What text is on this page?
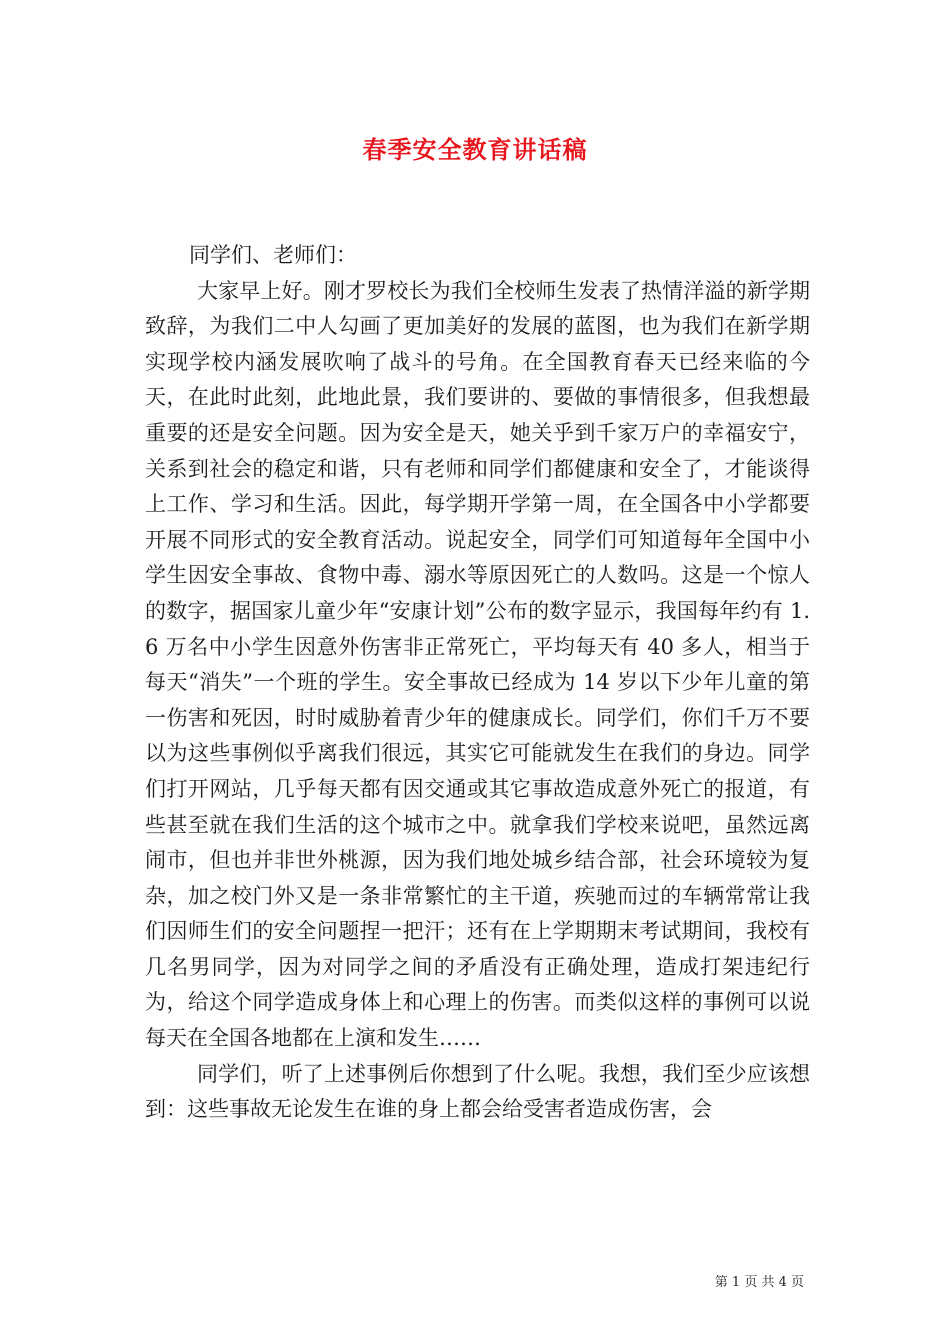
春季安全教育讲话稿

同学们、老师们：

大家早上好。刚才罗校长为我们全校师生发表了热情洋溢的新学期致辞，为我们二中人勾画了更加美好的发展的蓝图，也为我们在新学期实现学校内涵发展吹响了战斗的号角。在全国教育春天已经来临的今天，在此时此刻，此地此景，我们要讲的、要做的事情很多，但我想最重要的还是安全问题。因为安全是天，她关乎到千家万户的幸福安宁，关系到社会的稳定和谐，只有老师和同学们都健康和安全了，才能谈得上工作、学习和生活。因此，每学期开学第一周，在全国各中小学都要开展不同形式的安全教育活动。说起安全，同学们可知道每年全国中小学生因安全事故、食物中毒、溺水等原因死亡的人数吗。这是一个惊人的数字，据国家儿童少年“安康计划”公布的数字显示，我国每年约有 1.6 万名中小学生因意外伤害非正常死亡，平均每天有 40 多人，相当于每天“消失”一个班的学生。安全事故已经成为 14 岁以下少年儿童的第一伤害和死因，时时威胁着青少年的健康成长。同学们，你们千万不要以为这些事例似乎离我们很远，其实它可能就发生在我们的身边。同学们打开网站，几乎每天都有因交通或其它事故造成意外死亡的报道，有些甚至就在我们生活的这个城市之中。就拿我们学校来说吧，虽然远离闹市，但也并非世外桃源，因为我们地处城乡结合部，社会环境较为复杂，加之校门外又是一条非常繁忙的主干道，疾驰而过的车辆常常让我们因师生们的安全问题捏一把汗；还有在上学期期末考试期间，我校有几名男同学，因为对同学之间的矛盾没有正确处理，造成打架违纪行为，给这个同学造成身体上和心理上的伤害。而类似这样的事例可以说每天在全国各地都在上演和发生……

同学们，听了上述事例后你想到了什么呢。我想，我们至少应该想到：这些事故无论发生在谁的身上都会给受害者造成伤害，会

第 1 页 共 4 页
